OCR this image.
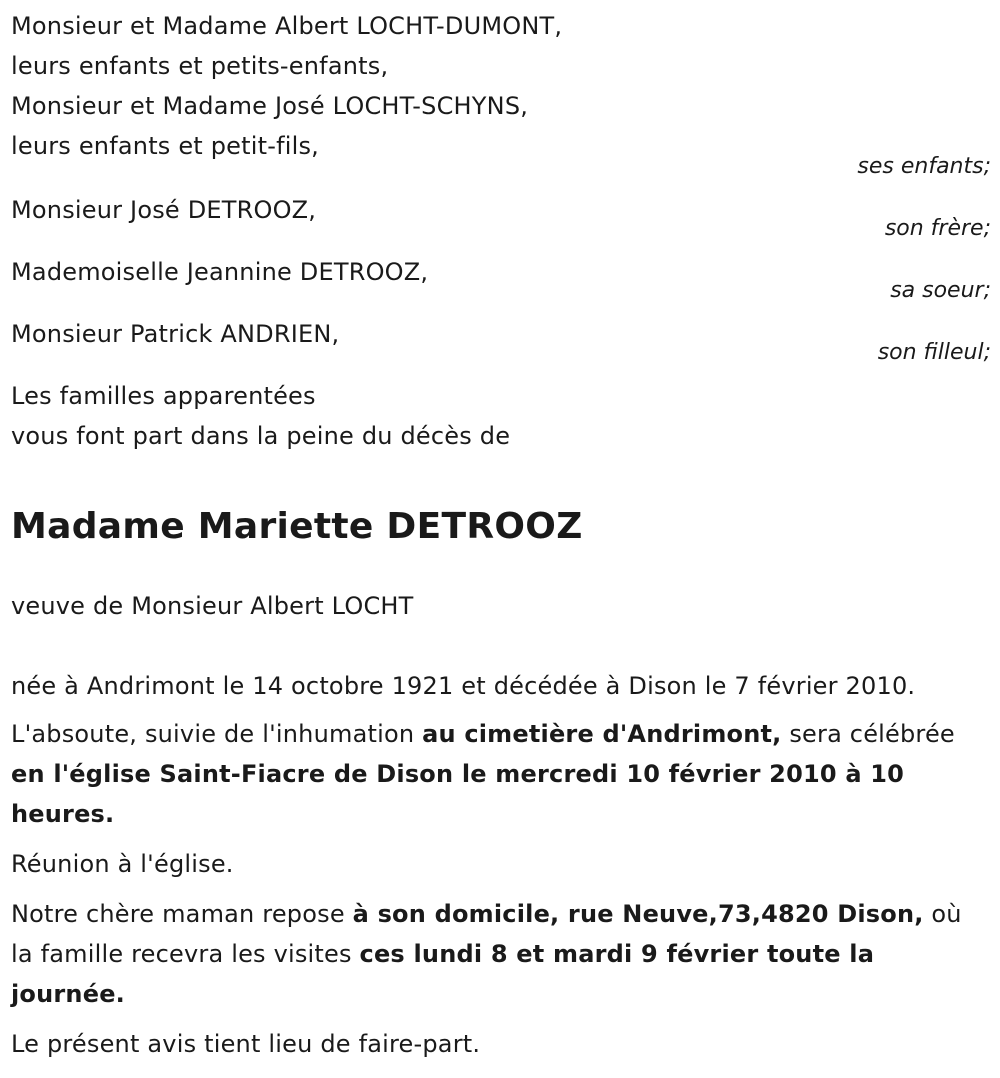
Monsieur et Madame Albert LOCHT-DUMONT,
leurs enfants et petits-enfants,
Monsieur et Madame José LOCHT-SCHYNS,
leurs enfants et petit-fils,
ses enfants;
Monsieur José DETROOZ,
son frère;
Mademoiselle Jeannine DETROOZ,
sa soeur;
Monsieur Patrick ANDRIEN,
son filleul;
Les familles apparentées
vous font part dans la peine du décès de
Madame Mariette DETROOZ
veuve de Monsieur Albert LOCHT
née à Andrimont le 14 octobre 1921 et décédée à Dison le 7 février 2010.
L'absoute, suivie de l'inhumation au cimetière d'Andrimont, sera célébrée en l'église Saint-Fiacre de Dison le mercredi 10 février 2010 à 10 heures.
Réunion à l'église.
Notre chère maman repose à son domicile, rue Neuve,73,4820 Dison, où la famille recevra les visites ces lundi 8 et mardi 9 février toute la journée.
Le présent avis tient lieu de faire-part.
